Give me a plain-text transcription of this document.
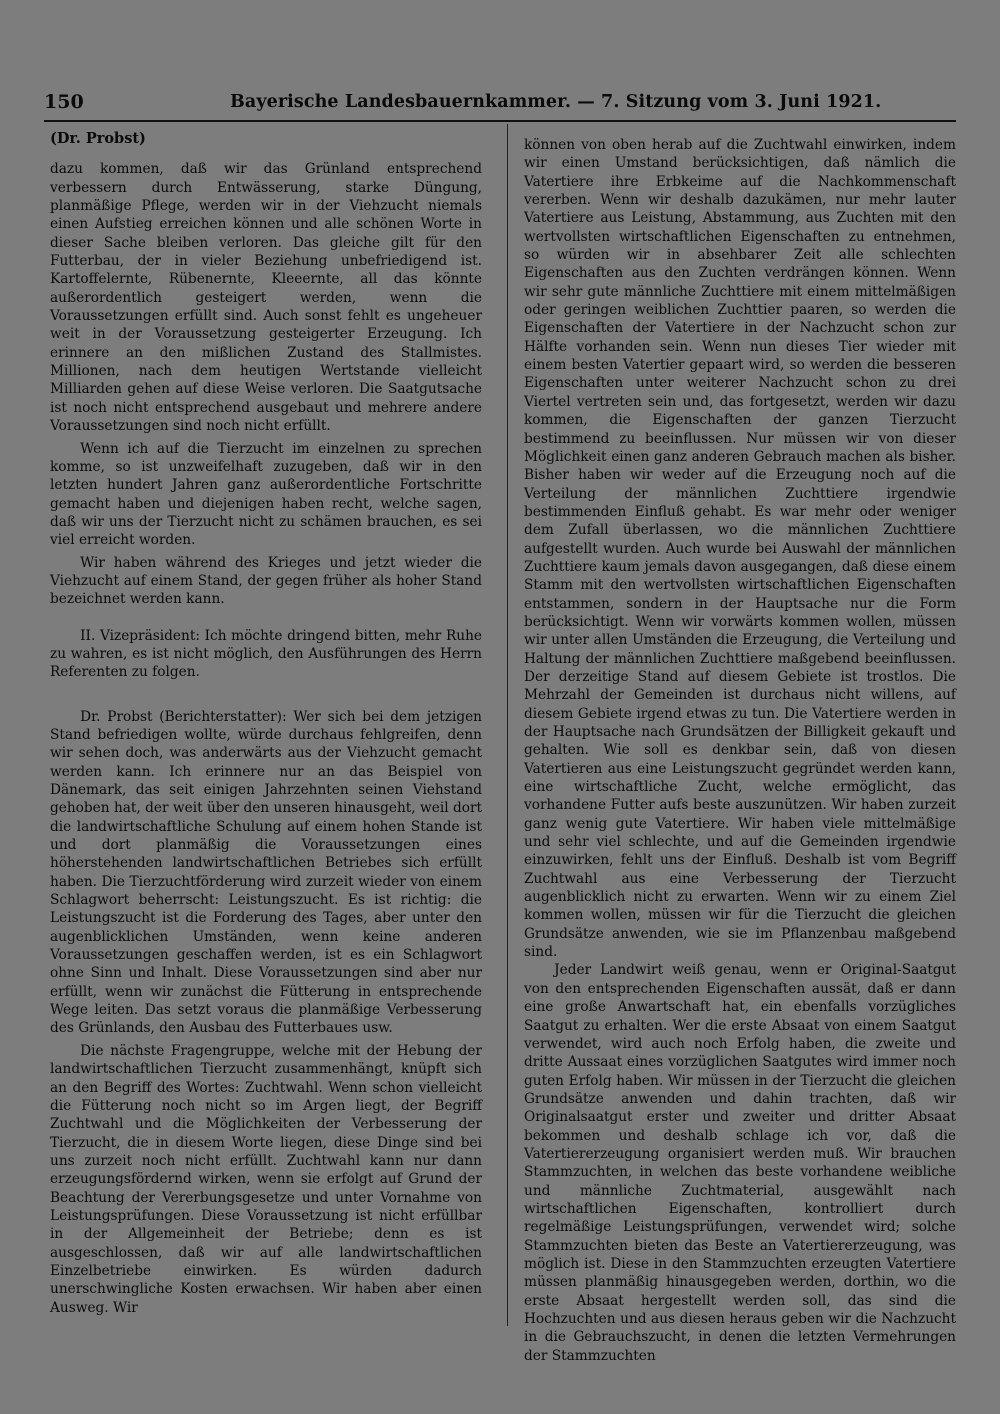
150	Bayerische Landesbauernkammer. — 7. Sitzung vom 3. Juni 1921.
(Dr. Probst)

dazu kommen, daß wir das Grünland entsprechend verbessern durch Entwässerung, starke Düngung, planmäßige Pflege, werden wir in der Viehzucht niemals einen Aufstieg erreichen können und alle schönen Worte in dieser Sache bleiben verloren. Das gleiche gilt für den Futterbau, der in vieler Beziehung unbefriedigend ist. Kartoffelernte, Rübenernte, Kleeernte, all das könnte außerordentlich gesteigert werden, wenn die Voraussetzungen erfüllt sind. Auch sonst fehlt es ungeheuer weit in der Voraussetzung gesteigerter Erzeugung. Ich erinnere an den mißlichen Zustand des Stallmistes. Millionen, nach dem heutigen Wertstande vielleicht Milliarden gehen auf diese Weise verloren. Die Saatgutsache ist noch nicht entsprechend ausgebaut und mehrere andere Voraussetzungen sind noch nicht erfüllt.

Wenn ich auf die Tierzucht im einzelnen zu sprechen komme, so ist unzweifelhaft zuzugeben, daß wir in den letzten hundert Jahren ganz außerordentliche Fortschritte gemacht haben und diejenigen haben recht, welche sagen, daß wir uns der Tierzucht nicht zu schämen brauchen, es sei viel erreicht worden.

Wir haben während des Krieges und jetzt wieder die Viehzucht auf einem Stand, der gegen früher als hoher Stand bezeichnet werden kann.

II. Vizepräsident: Ich möchte dringend bitten, mehr Ruhe zu wahren, es ist nicht möglich, den Ausführungen des Herrn Referenten zu folgen.

Dr. Probst (Berichterstatter): Wer sich bei dem jetzigen Stand befriedigen wollte, würde durchaus fehlgreifen, denn wir sehen doch, was anderwärts aus der Viehzucht gemacht werden kann. Ich erinnere nur an das Beispiel von Dänemark, das seit einigen Jahrzehnten seinen Viehstand gehoben hat, der weit über den unseren hinausgeht, weil dort die landwirtschaftliche Schulung auf einem hohen Stande ist und dort planmäßig die Voraussetzungen eines höherstehenden landwirtschaftlichen Betriebes sich erfüllt haben. Die Tierzuchtförderung wird zurzeit wieder von einem Schlagwort beherrscht: Leistungszucht. Es ist richtig: die Leistungszucht ist die Forderung des Tages, aber unter den augenblicklichen Umständen, wenn keine anderen Voraussetzungen geschaffen werden, ist es ein Schlagwort ohne Sinn und Inhalt. Diese Voraussetzungen sind aber nur erfüllt, wenn wir zunächst die Fütterung in entsprechende Wege leiten. Das setzt voraus die planmäßige Verbesserung des Grünlands, den Ausbau des Futterbaues usw.

Die nächste Fragengruppe, welche mit der Hebung der landwirtschaftlichen Tierzucht zusammenhängt, knüpft sich an den Begriff des Wortes: Zuchtwahl. Wenn schon vielleicht die Fütterung noch nicht so im Argen liegt, der Begriff Zuchtwahl und die Möglichkeiten der Verbesserung der Tierzucht, die in diesem Worte liegen, diese Dinge sind bei uns zurzeit noch nicht erfüllt. Zuchtwahl kann nur dann erzeugungsfördernd wirken, wenn sie erfolgt auf Grund der Beachtung der Vererbungsgesetze und unter Vornahme von Leistungsprüfungen. Diese Voraussetzung ist nicht erfüllbar in der Allgemeinheit der Betriebe; denn es ist ausgeschlossen, daß wir auf alle landwirtschaftlichen Einzelbetriebe einwirken. Es würden dadurch unerschwingliche Kosten erwachsen. Wir haben aber einen Ausweg. Wir

können von oben herab auf die Zuchtwahl einwirken, indem wir einen Umstand berücksichtigen, daß nämlich die Vatertiere ihre Erbkeime auf die Nachkommenschaft vererben. Wenn wir deshalb dazukämen, nur mehr lauter Vatertiere aus Leistung, Abstammung, aus Zuchten mit den wertvollsten wirtschaftlichen Eigenschaften zu entnehmen, so würden wir in absehbarer Zeit alle schlechten Eigenschaften aus den Zuchten verdrängen können. Wenn wir sehr gute männliche Zuchttiere mit einem mittelmäßigen oder geringen weiblichen Zuchttier paaren, so werden die Eigenschaften der Vatertiere in der Nachzucht schon zur Hälfte vorhanden sein. Wenn nun dieses Tier wieder mit einem besten Vatertier gepaart wird, so werden die besseren Eigenschaften unter weiterer Nachzucht schon zu drei Viertel vertreten sein und, das fortgesetzt, werden wir dazu kommen, die Eigenschaften der ganzen Tierzucht bestimmend zu beeinflussen. Nur müssen wir von dieser Möglichkeit einen ganz anderen Gebrauch machen als bisher. Bisher haben wir weder auf die Erzeugung noch auf die Verteilung der männlichen Zuchttiere irgendwie bestimmenden Einfluß gehabt. Es war mehr oder weniger dem Zufall überlassen, wo die männlichen Zuchttiere aufgestellt wurden. Auch wurde bei Auswahl der männlichen Zuchttiere kaum jemals davon ausgegangen, daß diese einem Stamm mit den wertvollsten wirtschaftlichen Eigenschaften entstammen, sondern in der Hauptsache nur die Form berücksichtigt. Wenn wir vorwärts kommen wollen, müssen wir unter allen Umständen die Erzeugung, die Verteilung und Haltung der männlichen Zuchttiere maßgebend beeinflussen. Der derzeitige Stand auf diesem Gebiete ist trostlos. Die Mehrzahl der Gemeinden ist durchaus nicht willens, auf diesem Gebiete irgend etwas zu tun. Die Vatertiere werden in der Hauptsache nach Grundsätzen der Billigkeit gekauft und gehalten. Wie soll es denkbar sein, daß von diesen Vatertieren aus eine Leistungszucht gegründet werden kann, eine wirtschaftliche Zucht, welche ermöglicht, das vorhandene Futter aufs beste auszunützen. Wir haben zurzeit ganz wenig gute Vatertiere. Wir haben viele mittelmäßige und sehr viel schlechte, und auf die Gemeinden irgendwie einzuwirken, fehlt uns der Einfluß. Deshalb ist vom Begriff Zuchtwahl aus eine Verbesserung der Tierzucht augenblicklich nicht zu erwarten. Wenn wir zu einem Ziel kommen wollen, müssen wir für die Tierzucht die gleichen Grundsätze anwenden, wie sie im Pflanzenbau maßgebend sind.

Jeder Landwirt weiß genau, wenn er Original-Saatgut von den entsprechenden Eigenschaften aussät, daß er dann eine große Anwartschaft hat, ein ebenfalls vorzügliches Saatgut zu erhalten. Wer die erste Absaat von einem Saatgut verwendet, wird auch noch Erfolg haben, die zweite und dritte Aussaat eines vorzüglichen Saatgutes wird immer noch guten Erfolg haben. Wir müssen in der Tierzucht die gleichen Grundsätze anwenden und dahin trachten, daß wir Originalsaatgut erster und zweiter und dritter Absaat bekommen und deshalb schlage ich vor, daß die Vatertiererzeugung organisiert werden muß. Wir brauchen Stammzuchten, in welchen das beste vorhandene weibliche und männliche Zuchtmaterial, ausgewählt nach wirtschaftlichen Eigenschaften, kontrolliert durch regelmäßige Leistungsprüfungen, verwendet wird; solche Stammzuchten bieten das Beste an Vatertiererzeugung, was möglich ist. Diese in den Stammzuchten erzeugten Vatertiere müssen planmäßig hinausgegeben werden, dorthin, wo die erste Absaat hergestellt werden soll, das sind die Hochzuchten und aus diesen heraus geben wir die Nachzucht in die Gebrauchszucht, in denen die letzten Vermehrungen der Stammzuchten
